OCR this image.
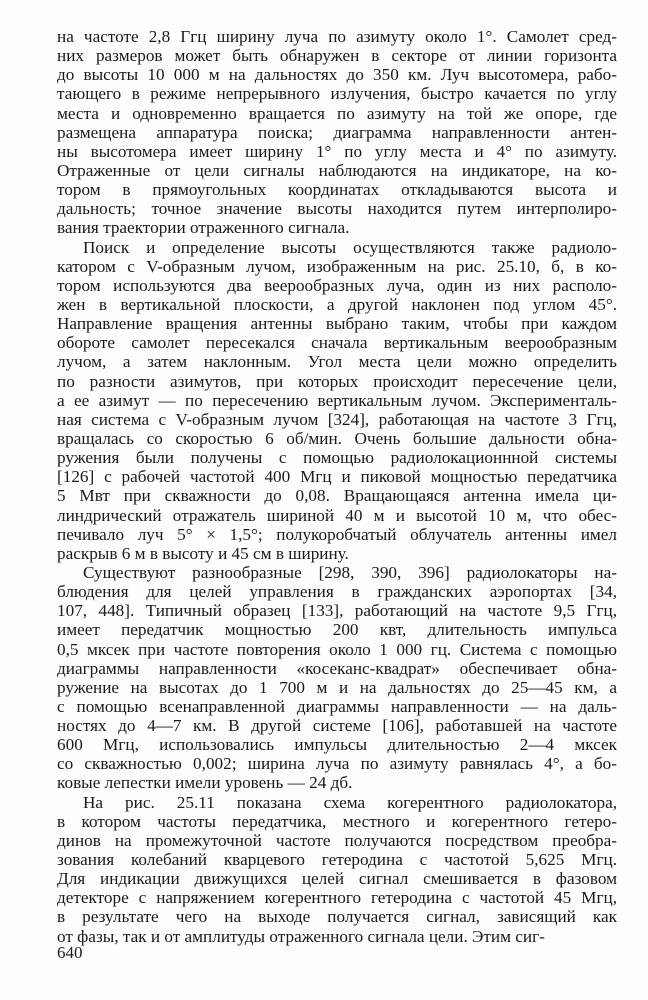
на частоте 2,8 Ггц ширину луча по азимуту около 1°. Самолет сред-
них размеров может быть обнаружен в секторе от линии горизонта
до высоты 10 000 м на дальностях до 350 км. Луч высотомера, рабо-
тающего в режиме непрерывного излучения, быстро качается по углу
места и одновременно вращается по азимуту на той же опоре, где
размещена аппаратура поиска; диаграмма направленности антен-
ны высотомера имеет ширину 1° по углу места и 4° по азимуту.
Отраженные от цели сигналы наблюдаются на индикаторе, на ко-
тором в прямоугольных координатах откладываются высота и
дальность; точное значение высоты находится путем интерполиро-
вания траектории отраженного сигнала.
Поиск и определение высоты осуществляются также радиоло-
катором с V-образным лучом, изображенным на рис. 25.10, б, в ко-
тором используются два веерообразных луча, один из них располо-
жен в вертикальной плоскости, а другой наклонен под углом 45°.
Направление вращения антенны выбрано таким, чтобы при каждом
обороте самолет пересекался сначала вертикальным веерообразным
лучом, а затем наклонным. Угол места цели можно определить
по разности азимутов, при которых происходит пересечение цели,
а ее азимут — по пересечению вертикальным лучом. Эксперименталь-
ная система с V-образным лучом [324], работающая на частоте 3 Ггц,
вращалась со скоростью 6 об/мин. Очень большие дальности обна-
ружения были получены с помощью радиолокационнной системы
[126] с рабочей частотой 400 Мгц и пиковой мощностью передатчика
5 Мвт при скважности до 0,08. Вращающаяся антенна имела ци-
линдрический отражатель шириной 40 м и высотой 10 м, что обес-
печивало луч 5° × 1,5°; полукоробчатый облучатель антенны имел
раскрыв 6 м в высоту и 45 см в ширину.
Существуют разнообразные [298, 390, 396] радиолокаторы на-
блюдения для целей управления в гражданских аэропортах [34,
107, 448]. Типичный образец [133], работающий на частоте 9,5 Ггц,
имеет передатчик мощностью 200 квт, длительность импульса
0,5 мксек при частоте повторения около 1 000 гц. Система с помощью
диаграммы направленности «косеканс-квадрат» обеспечивает обна-
ружение на высотах до 1 700 м и на дальностях до 25—45 км, а
с помощью всенаправленной диаграммы направленности — на даль-
ностях до 4—7 км. В другой системе [106], работавшей на частоте
600 Мгц, использовались импульсы длительностью 2—4 мксек
со скважностью 0,002; ширина луча по азимуту равнялась 4°, а бо-
ковые лепестки имели уровень — 24 дб.
На рис. 25.11 показана схема когерентного радиолокатора,
в котором частоты передатчика, местного и когерентного гетеро-
динов на промежуточной частоте получаются посредством преобра-
зования колебаний кварцевого гетеродина с частотой 5,625 Мгц.
Для индикации движущихся целей сигнал смешивается в фазовом
детекторе с напряжением когерентного гетеродина с частотой 45 Мгц,
в результате чего на выходе получается сигнал, зависящий как
от фазы, так и от амплитуды отраженного сигнала цели. Этим сиг-
640
